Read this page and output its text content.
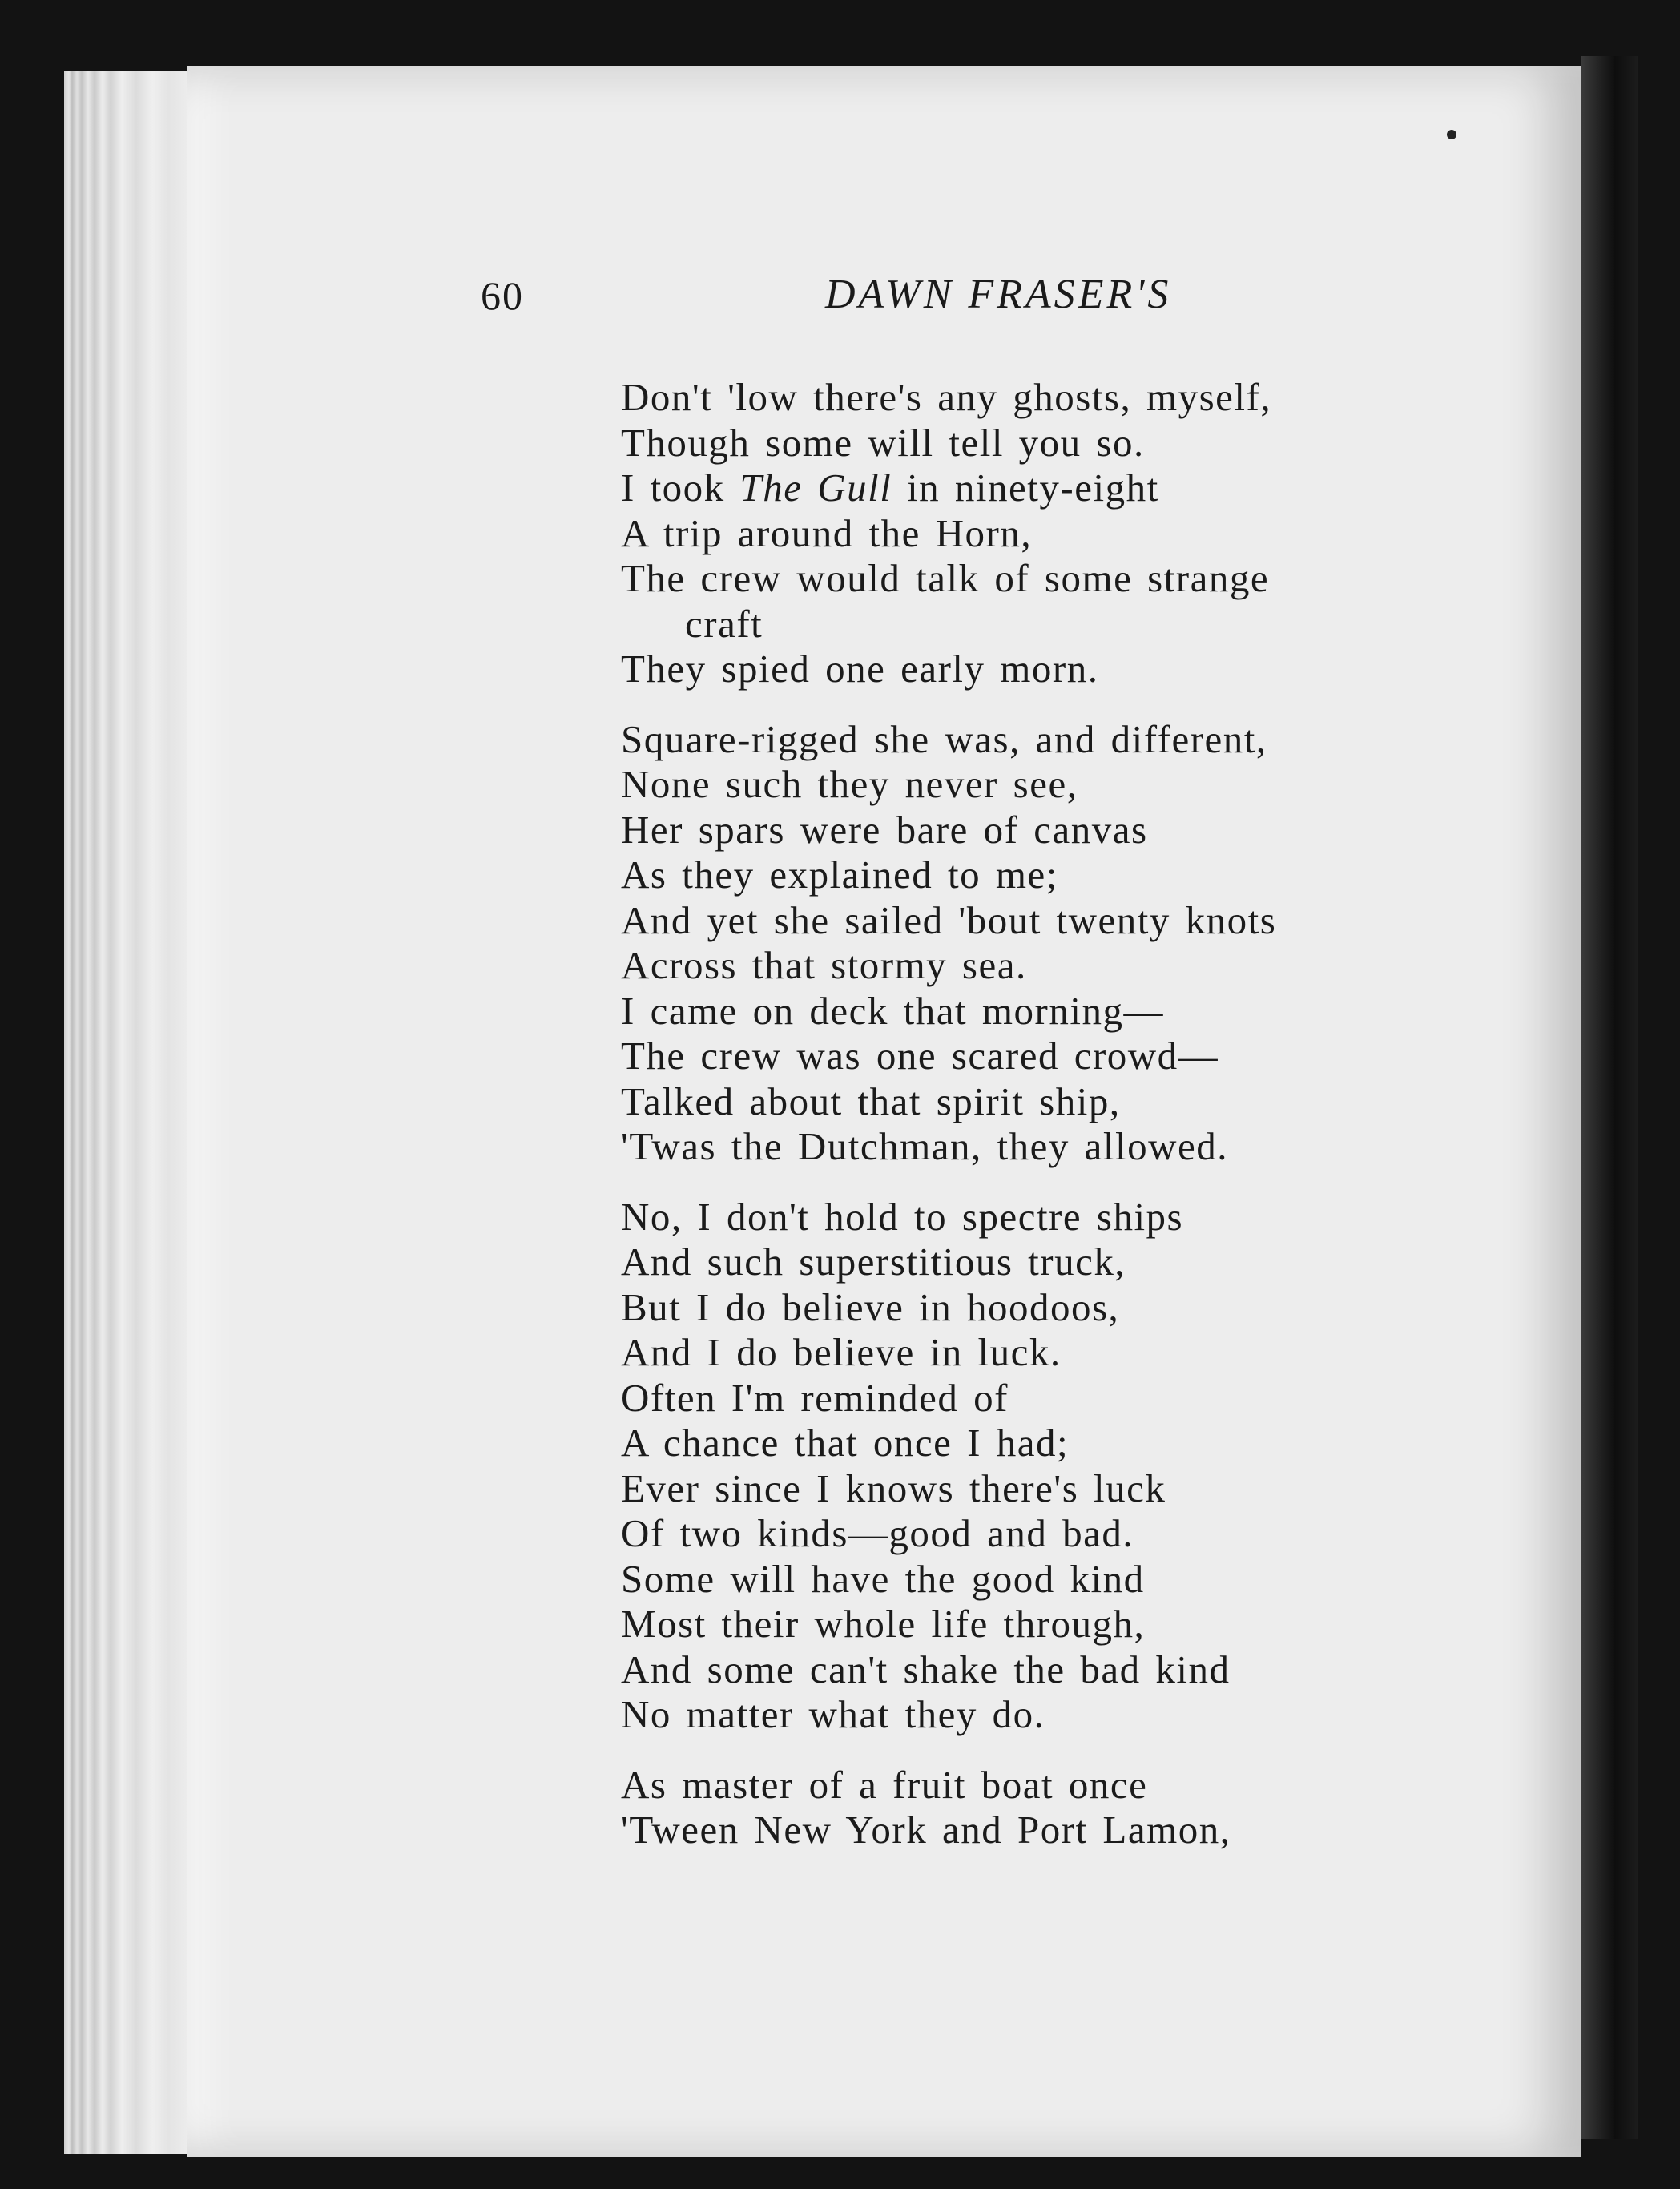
60	DAWN FRASER'S
Don't 'low there's any ghosts, myself,
Though some will tell you so.
I took The Gull in ninety-eight
A trip around the Horn,
The crew would talk of some strange
craft
They spied one early morn.
Square-rigged she was, and different,
None such they never see,
Her spars were bare of canvas
As they explained to me;
And yet she sailed 'bout twenty knots
Across that stormy sea.
I came on deck that morning—
The crew was one scared crowd—
Talked about that spirit ship,
'Twas the Dutchman, they allowed.
No, I don't hold to spectre ships
And such superstitious truck,
But I do believe in hoodoos,
And I do believe in luck.
Often I'm reminded of
A chance that once I had;
Ever since I knows there's luck
Of two kinds—good and bad.
Some will have the good kind
Most their whole life through,
And some can't shake the bad kind
No matter what they do.
As master of a fruit boat once
'Tween New York and Port Lamon,
